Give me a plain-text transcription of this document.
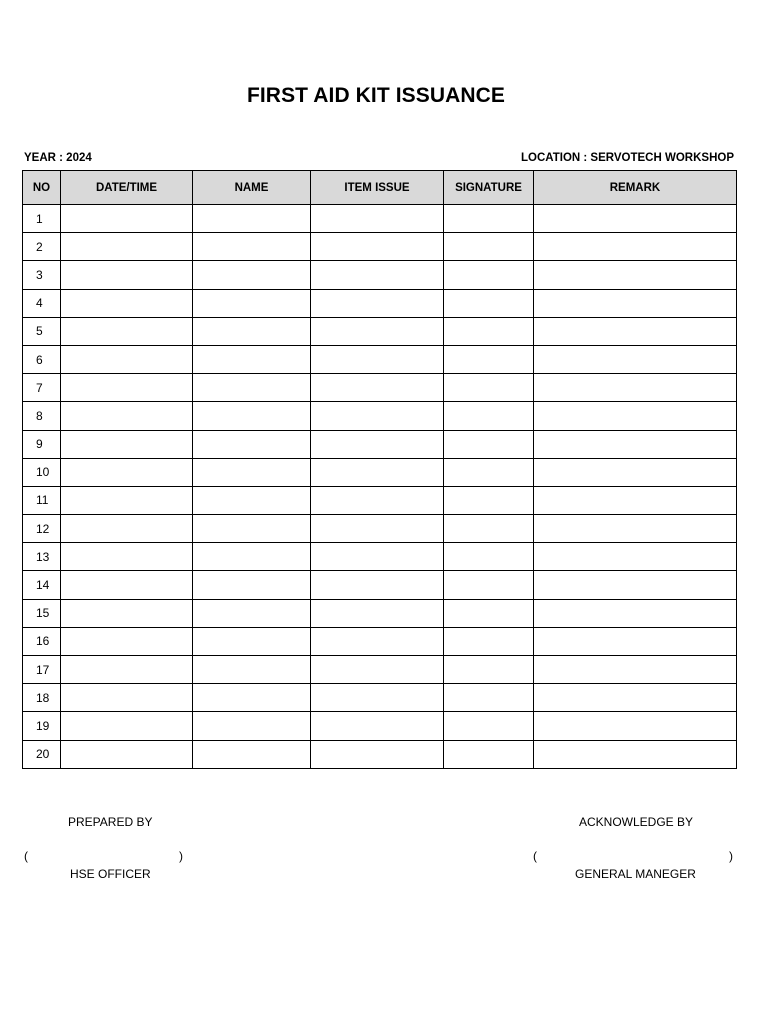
FIRST AID KIT ISSUANCE
YEAR : 2024	LOCATION : SERVOTECH WORKSHOP
NO	DATE/TIME	NAME	ITEM ISSUE	SIGNATURE	REMARK
1					
2					
3					
4					
5					
6					
7					
8					
9					
10					
11					
12					
13					
14					
15					
16					
17					
18					
19					
20					
PREPARED BY	ACKNOWLEDGE BY
(	)	(	)
HSE OFFICER	GENERAL MANEGER
